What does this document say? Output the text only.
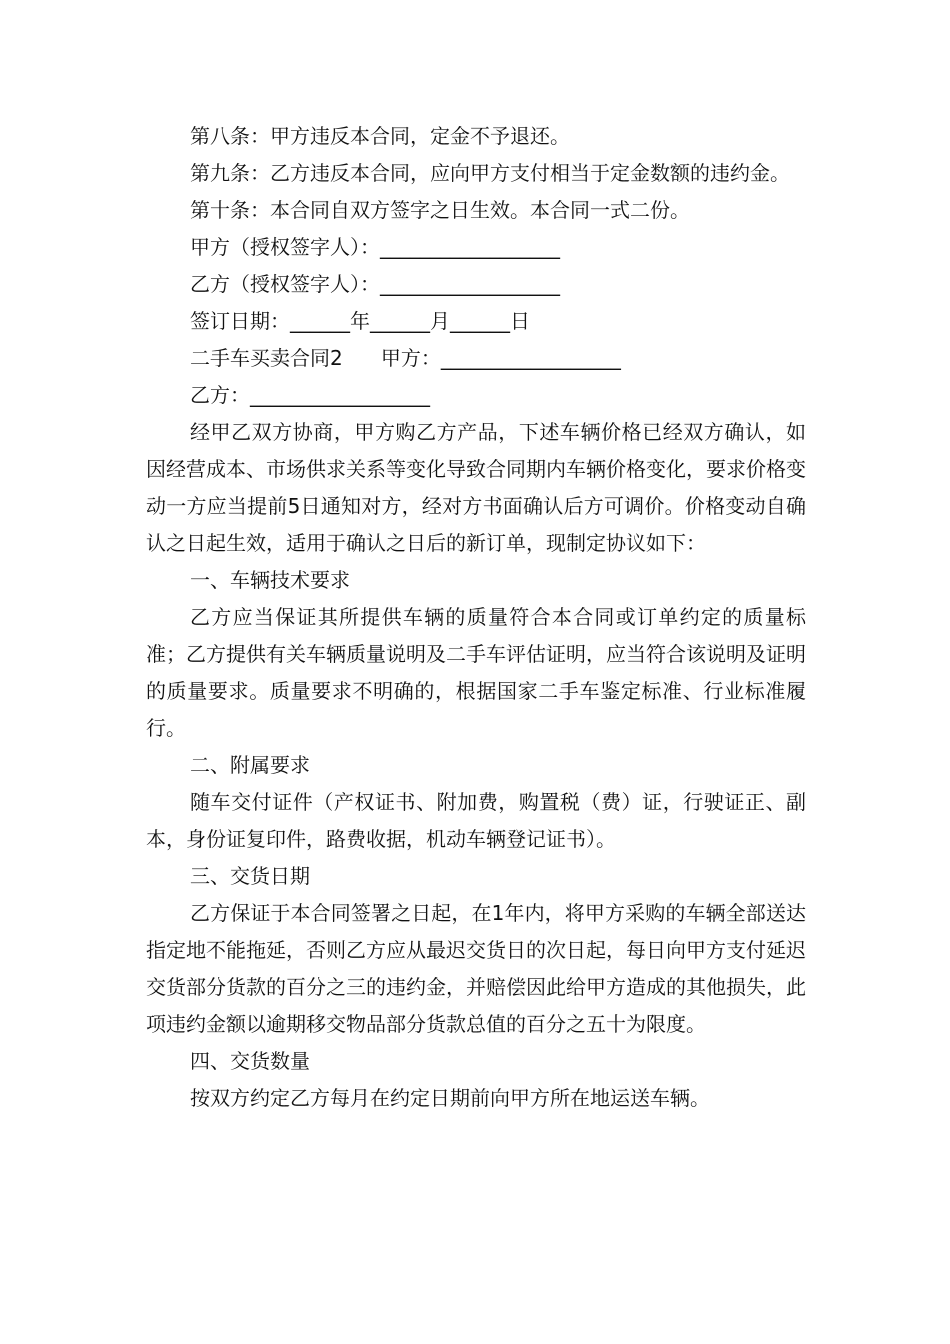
第八条：甲方违反本合同，定金不予退还。

第九条：乙方违反本合同，应向甲方支付相当于定金数额的违约金。

第十条：本合同自双方签字之日生效。本合同一式二份。

甲方（授权签字人）：__________________

乙方（授权签字人）：__________________

签订日期：______年______月______日

二手车买卖合同2      甲方：__________________

乙方：__________________

经甲乙双方协商，甲方购乙方产品，下述车辆价格已经双方确认，如因经营成本、市场供求关系等变化导致合同期内车辆价格变化，要求价格变动一方应当提前5日通知对方，经对方书面确认后方可调价。价格变动自确认之日起生效，适用于确认之日后的新订单，现制定协议如下：

一、车辆技术要求

乙方应当保证其所提供车辆的质量符合本合同或订单约定的质量标准；乙方提供有关车辆质量说明及二手车评估证明，应当符合该说明及证明的质量要求。质量要求不明确的，根据国家二手车鉴定标准、行业标准履行。

二、附属要求

随车交付证件（产权证书、附加费，购置税（费）证，行驶证正、副本，身份证复印件，路费收据，机动车辆登记证书）。

三、交货日期

乙方保证于本合同签署之日起，在1年内，将甲方采购的车辆全部送达指定地不能拖延，否则乙方应从最迟交货日的次日起，每日向甲方支付延迟交货部分货款的百分之三的违约金，并赔偿因此给甲方造成的其他损失，此项违约金额以逾期移交物品部分货款总值的百分之五十为限度。

四、交货数量

按双方约定乙方每月在约定日期前向甲方所在地运送车辆。
